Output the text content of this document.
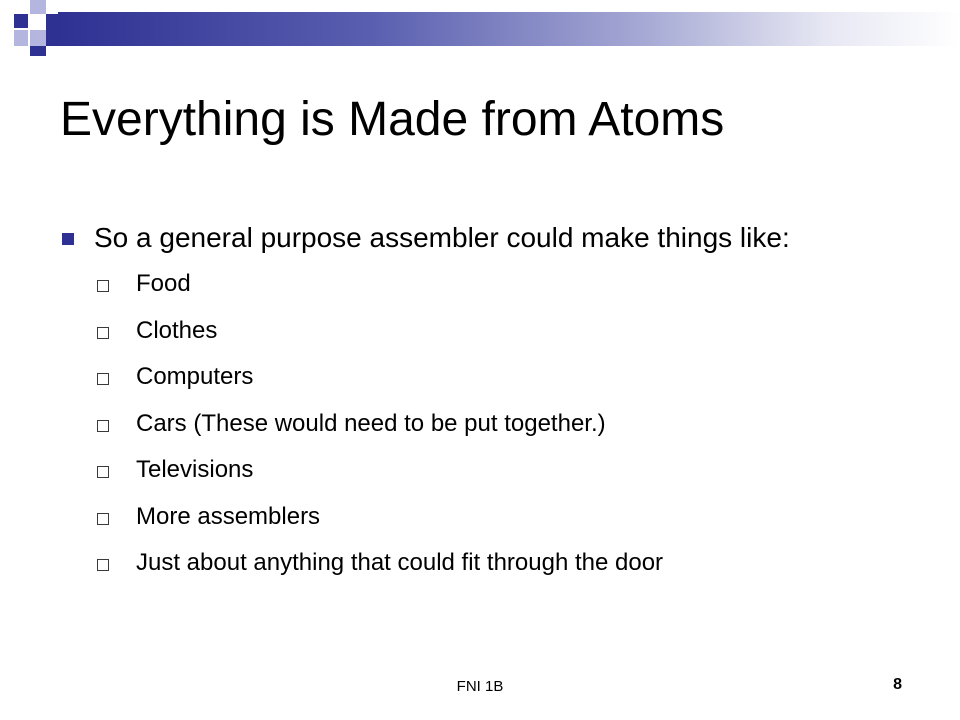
Everything is Made from Atoms
So a general purpose assembler could make things like:
Food
Clothes
Computers
Cars (These would need to be put together.)
Televisions
More assemblers
Just about anything that could fit through the door
FNI 1B	8
